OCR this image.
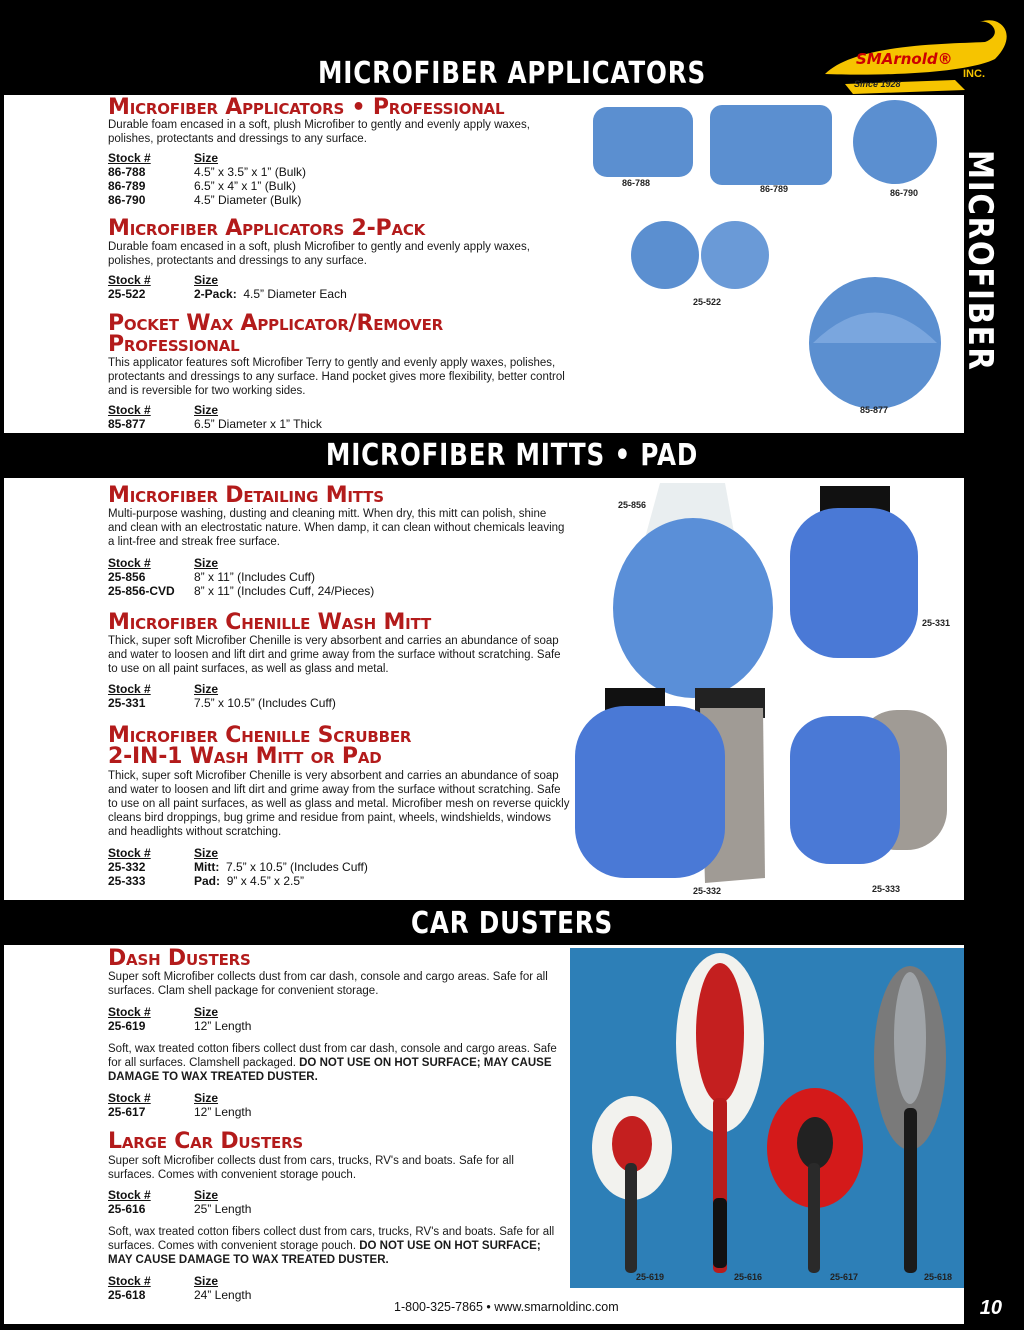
MICROFIBER APPLICATORS	SMArnold®
INC.
Since 1928
MICROFIBER
Microfiber Applicators • Professional
Durable foam encased in a soft, plush Microfiber to gently and evenly apply waxes, polishes, protectants and dressings to any surface.
Stock #	Size
86-788	4.5” x 3.5” x 1” (Bulk)
86-789	6.5” x 4” x 1” (Bulk)
86-790	4.5” Diameter (Bulk)
Microfiber Applicators 2-Pack
Durable foam encased in a soft, plush Microfiber to gently and evenly apply waxes, polishes, protectants and dressings to any surface.
Stock #	Size
25-522	2-Pack: 4.5” Diameter Each
Pocket Wax Applicator/Remover
Professional
This applicator features soft Microfiber Terry to gently and evenly apply waxes, polishes, protectants and dressings to any surface. Hand pocket gives more flexibility, better control and is reversible for two working sides.
Stock #	Size
85-877	6.5” Diameter x 1” Thick
86-788
86-789	86-790
25-522
85-877
MICROFIBER MITTS • PAD
Microfiber Detailing Mitts
Multi-purpose washing, dusting and cleaning mitt. When dry, this mitt can polish, shine and clean with an electrostatic nature. When damp, it can clean without chemicals leaving a lint-free and streak free surface.
Stock #	Size
25-856	8” x 11” (Includes Cuff)
25-856-CVD	8” x 11” (Includes Cuff, 24/Pieces)
Microfiber Chenille Wash Mitt
Thick, super soft Microfiber Chenille is very absorbent and carries an abundance of soap and water to loosen and lift dirt and grime away from the surface without scratching. Safe to use on all paint surfaces, as well as glass and metal.
Stock #	Size
25-331	7.5” x 10.5” (Includes Cuff)
Microfiber Chenille Scrubber
2-IN-1 Wash Mitt or Pad
Thick, super soft Microfiber Chenille is very absorbent and carries an abundance of soap and water to loosen and lift dirt and grime away from the surface without scratching. Safe to use on all paint surfaces, as well as glass and metal. Microfiber mesh on reverse quickly cleans bird droppings, bug grime and residue from paint, wheels, windshields, windows and headlights without scratching.
Stock #	Size
25-332	Mitt: 7.5” x 10.5” (Includes Cuff)
25-333	Pad: 9” x 4.5” x 2.5”
25-856
25-331
25-332	25-333
CAR DUSTERS
Dash Dusters
Super soft Microfiber collects dust from car dash, console and cargo areas. Safe for all surfaces. Clam shell package for convenient storage.
Stock #	Size
25-619	12” Length
Soft, wax treated cotton fibers collect dust from car dash, console and cargo areas. Safe for all surfaces. Clamshell packaged. DO NOT USE ON HOT SURFACE; MAY CAUSE DAMAGE TO WAX TREATED DUSTER.
Stock #	Size
25-617	12” Length
Large Car Dusters
Super soft Microfiber collects dust from cars, trucks, RV's and boats. Safe for all surfaces. Comes with convenient storage pouch.
Stock #	Size
25-616	25” Length
Soft, wax treated cotton fibers collect dust from cars, trucks, RV's and boats. Safe for all surfaces. Comes with convenient storage pouch. DO NOT USE ON HOT SURFACE; MAY CAUSE DAMAGE TO WAX TREATED DUSTER.
Stock #	Size
25-618	24” Length
25-619	25-616	25-617	25-618
1-800-325-7865 • www.smarnoldinc.com	10
